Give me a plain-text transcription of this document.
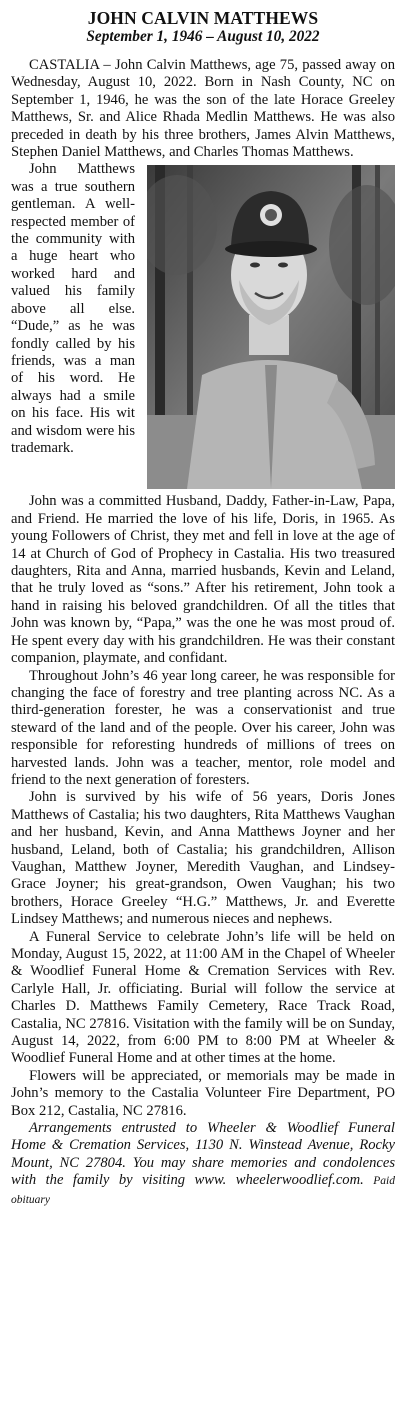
JOHN CALVIN MATTHEWS
September 1, 1946 – August 10, 2022

CASTALIA – John Calvin Matthews, age 75, passed away on Wednesday, August 10, 2022. Born in Nash County, NC on September 1, 1946, he was the son of the late Horace Greeley Matthews, Sr. and Alice Rhada Medlin Matthews. He was also preceded in death by his three brothers, James Alvin Matthews, Stephen Daniel Matthews, and Charles Thomas Matthews.

John Matthews was a true southern gentleman. A well-respected member of the community with a huge heart who worked hard and valued his family above all else. “Dude,” as he was fondly called by his friends, was a man of his word. He always had a smile on his face. His wit and wisdom were his trademark.

John was a committed Husband, Daddy, Father-in-Law, Papa, and Friend. He married the love of his life, Doris, in 1965. As young Followers of Christ, they met and fell in love at the age of 14 at Church of God of Prophecy in Castalia. His two treasured daughters, Rita and Anna, married husbands, Kevin and Leland, that he truly loved as “sons.” After his retirement, John took a hand in raising his beloved grandchildren. Of all the titles that John was known by, “Papa,” was the one he was most proud of. He spent every day with his grandchildren. He was their constant companion, playmate, and confidant.

Throughout John’s 46 year long career, he was responsible for changing the face of forestry and tree planting across NC. As a third-generation forester, he was a conservationist and true steward of the land and of the people. Over his career, John was responsible for reforesting hundreds of millions of trees on harvested lands. John was a teacher, mentor, role model and friend to the next generation of foresters.

John is survived by his wife of 56 years, Doris Jones Matthews of Castalia; his two daughters, Rita Matthews Vaughan and her husband, Kevin, and Anna Matthews Joyner and her husband, Leland, both of Castalia; his grandchildren, Allison Vaughan, Matthew Joyner, Meredith Vaughan, and Lindsey-Grace Joyner; his great-grandson, Owen Vaughan; his two brothers, Horace Greeley “H.G.” Matthews, Jr. and Everette Lindsey Matthews; and numerous nieces and nephews.

A Funeral Service to celebrate John’s life will be held on Monday, August 15, 2022, at 11:00 AM in the Chapel of Wheeler & Woodlief Funeral Home & Cremation Services with Rev. Carlyle Hall, Jr. officiating. Burial will follow the service at Charles D. Matthews Family Cemetery, Race Track Road, Castalia, NC 27816. Visitation with the family will be on Sunday, August 14, 2022, from 6:00 PM to 8:00 PM at Wheeler & Woodlief Funeral Home and at other times at the home.

Flowers will be appreciated, or memorials may be made in John’s memory to the Castalia Volunteer Fire Department, PO Box 212, Castalia, NC 27816.

Arrangements entrusted to Wheeler & Woodlief Funeral Home & Cremation Services, 1130 N. Winstead Avenue, Rocky Mount, NC 27804. You may share memories and condolences with the family by visiting www. wheelerwoodlief.com. Paid obituary
